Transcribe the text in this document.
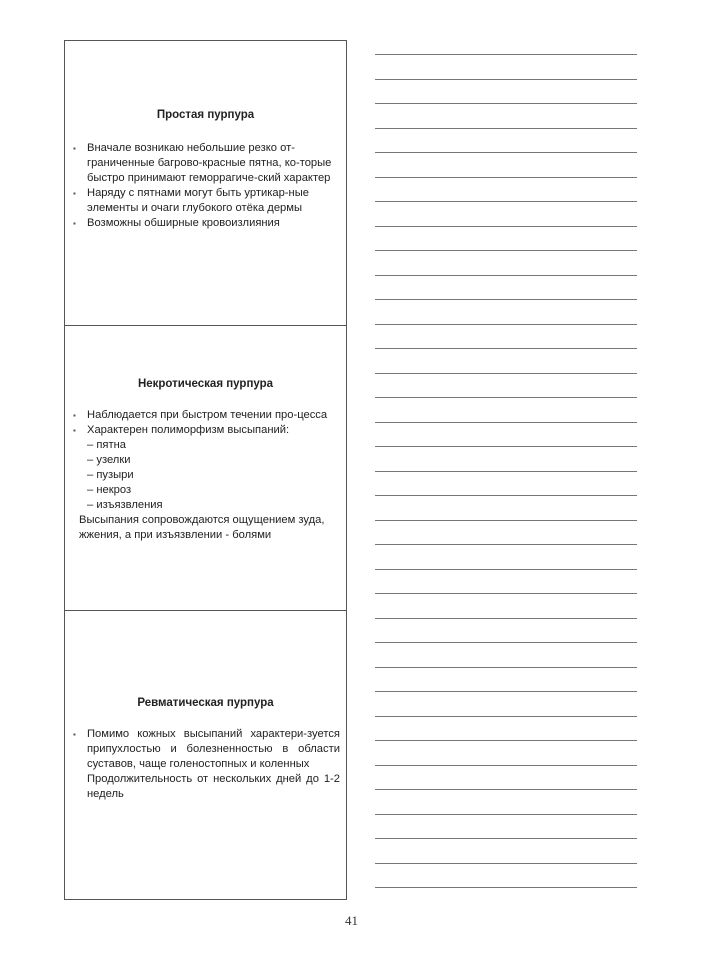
Простая пурпура
▪ Вначале возникаю небольшие резко от-граниченные багрово-красные пятна, ко-торые быстро принимают геморрагиче-ский характер
▪ Наряду с пятнами могут быть уртикар-ные элементы и очаги глубокого отёка дермы
▪ Возможны обширные кровоизлияния
Некротическая пурпура
▪ Наблюдается при быстром течении про-цесса
▪ Характерен полиморфизм высыпаний:
– пятна
– узелки
– пузыри
– некроз
– изъязвления

Высыпания сопровождаются ощущением зуда, жжения, а при изъязвлении - болями

Ревматическая пурпура
▪ Помимо кожных высыпаний характери-зуется припухлостью и болезненностью в области суставов, чаще голеностопных и коленных

Продолжительность от нескольких дней до 1-2 недель

41
